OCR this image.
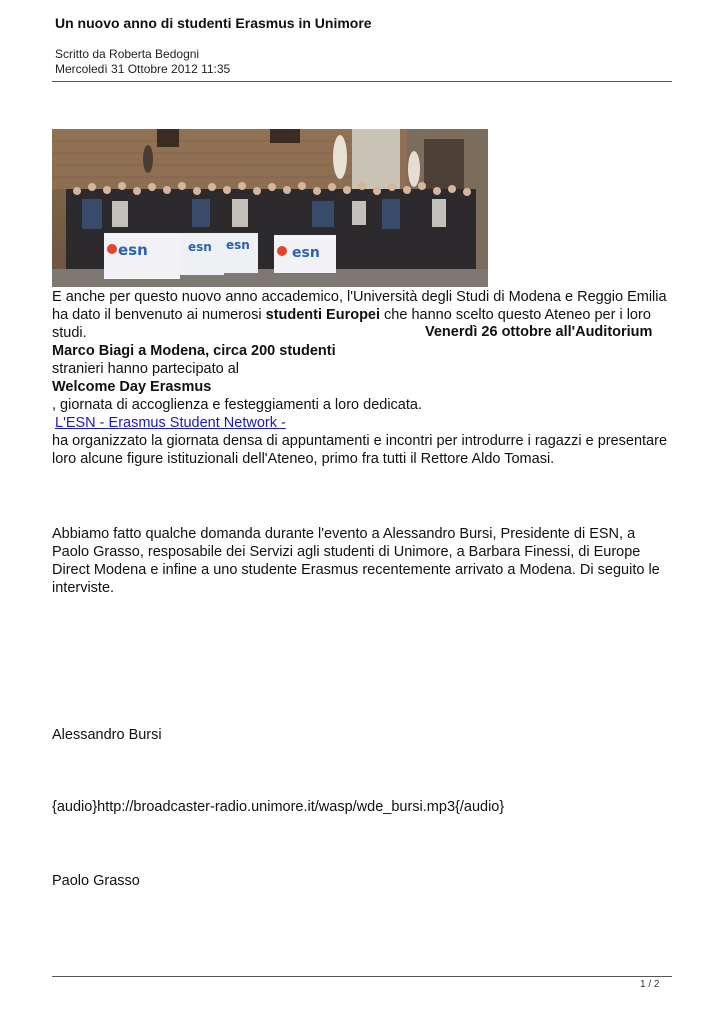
Un nuovo anno di studenti Erasmus in Unimore
Scritto da Roberta Bedogni
Mercoledì 31 Ottobre 2012 11:35
esn	esn esn	esn
E anche per questo nuovo anno accademico, l'Università degli Studi di Modena e Reggio Emilia
ha dato il benvenuto ai numerosi studenti Europei che hanno scelto questo Ateneo per i loro
studi.	Venerdì 26 ottobre all'Auditorium
Marco Biagi a Modena, circa 200 studenti
stranieri hanno partecipato al
Welcome Day Erasmus
, giornata di accoglienza e festeggiamenti a loro dedicata.
L'ESN - Erasmus Student Network -
ha organizzato la giornata densa di appuntamenti e incontri per introdurre i ragazzi e presentare
loro alcune figure istituzionali dell'Ateneo, primo fra tutti il Rettore Aldo Tomasi.
Abbiamo fatto qualche domanda durante l'evento a Alessandro Bursi, Presidente di ESN, a
Paolo Grasso, resposabile dei Servizi agli studenti di Unimore, a Barbara Finessi, di Europe
Direct Modena e infine a uno studente Erasmus recentemente arrivato a Modena. Di seguito le
interviste.
Alessandro Bursi
{audio}http://broadcaster-radio.unimore.it/wasp/wde_bursi.mp3{/audio}
Paolo Grasso
1 / 2
